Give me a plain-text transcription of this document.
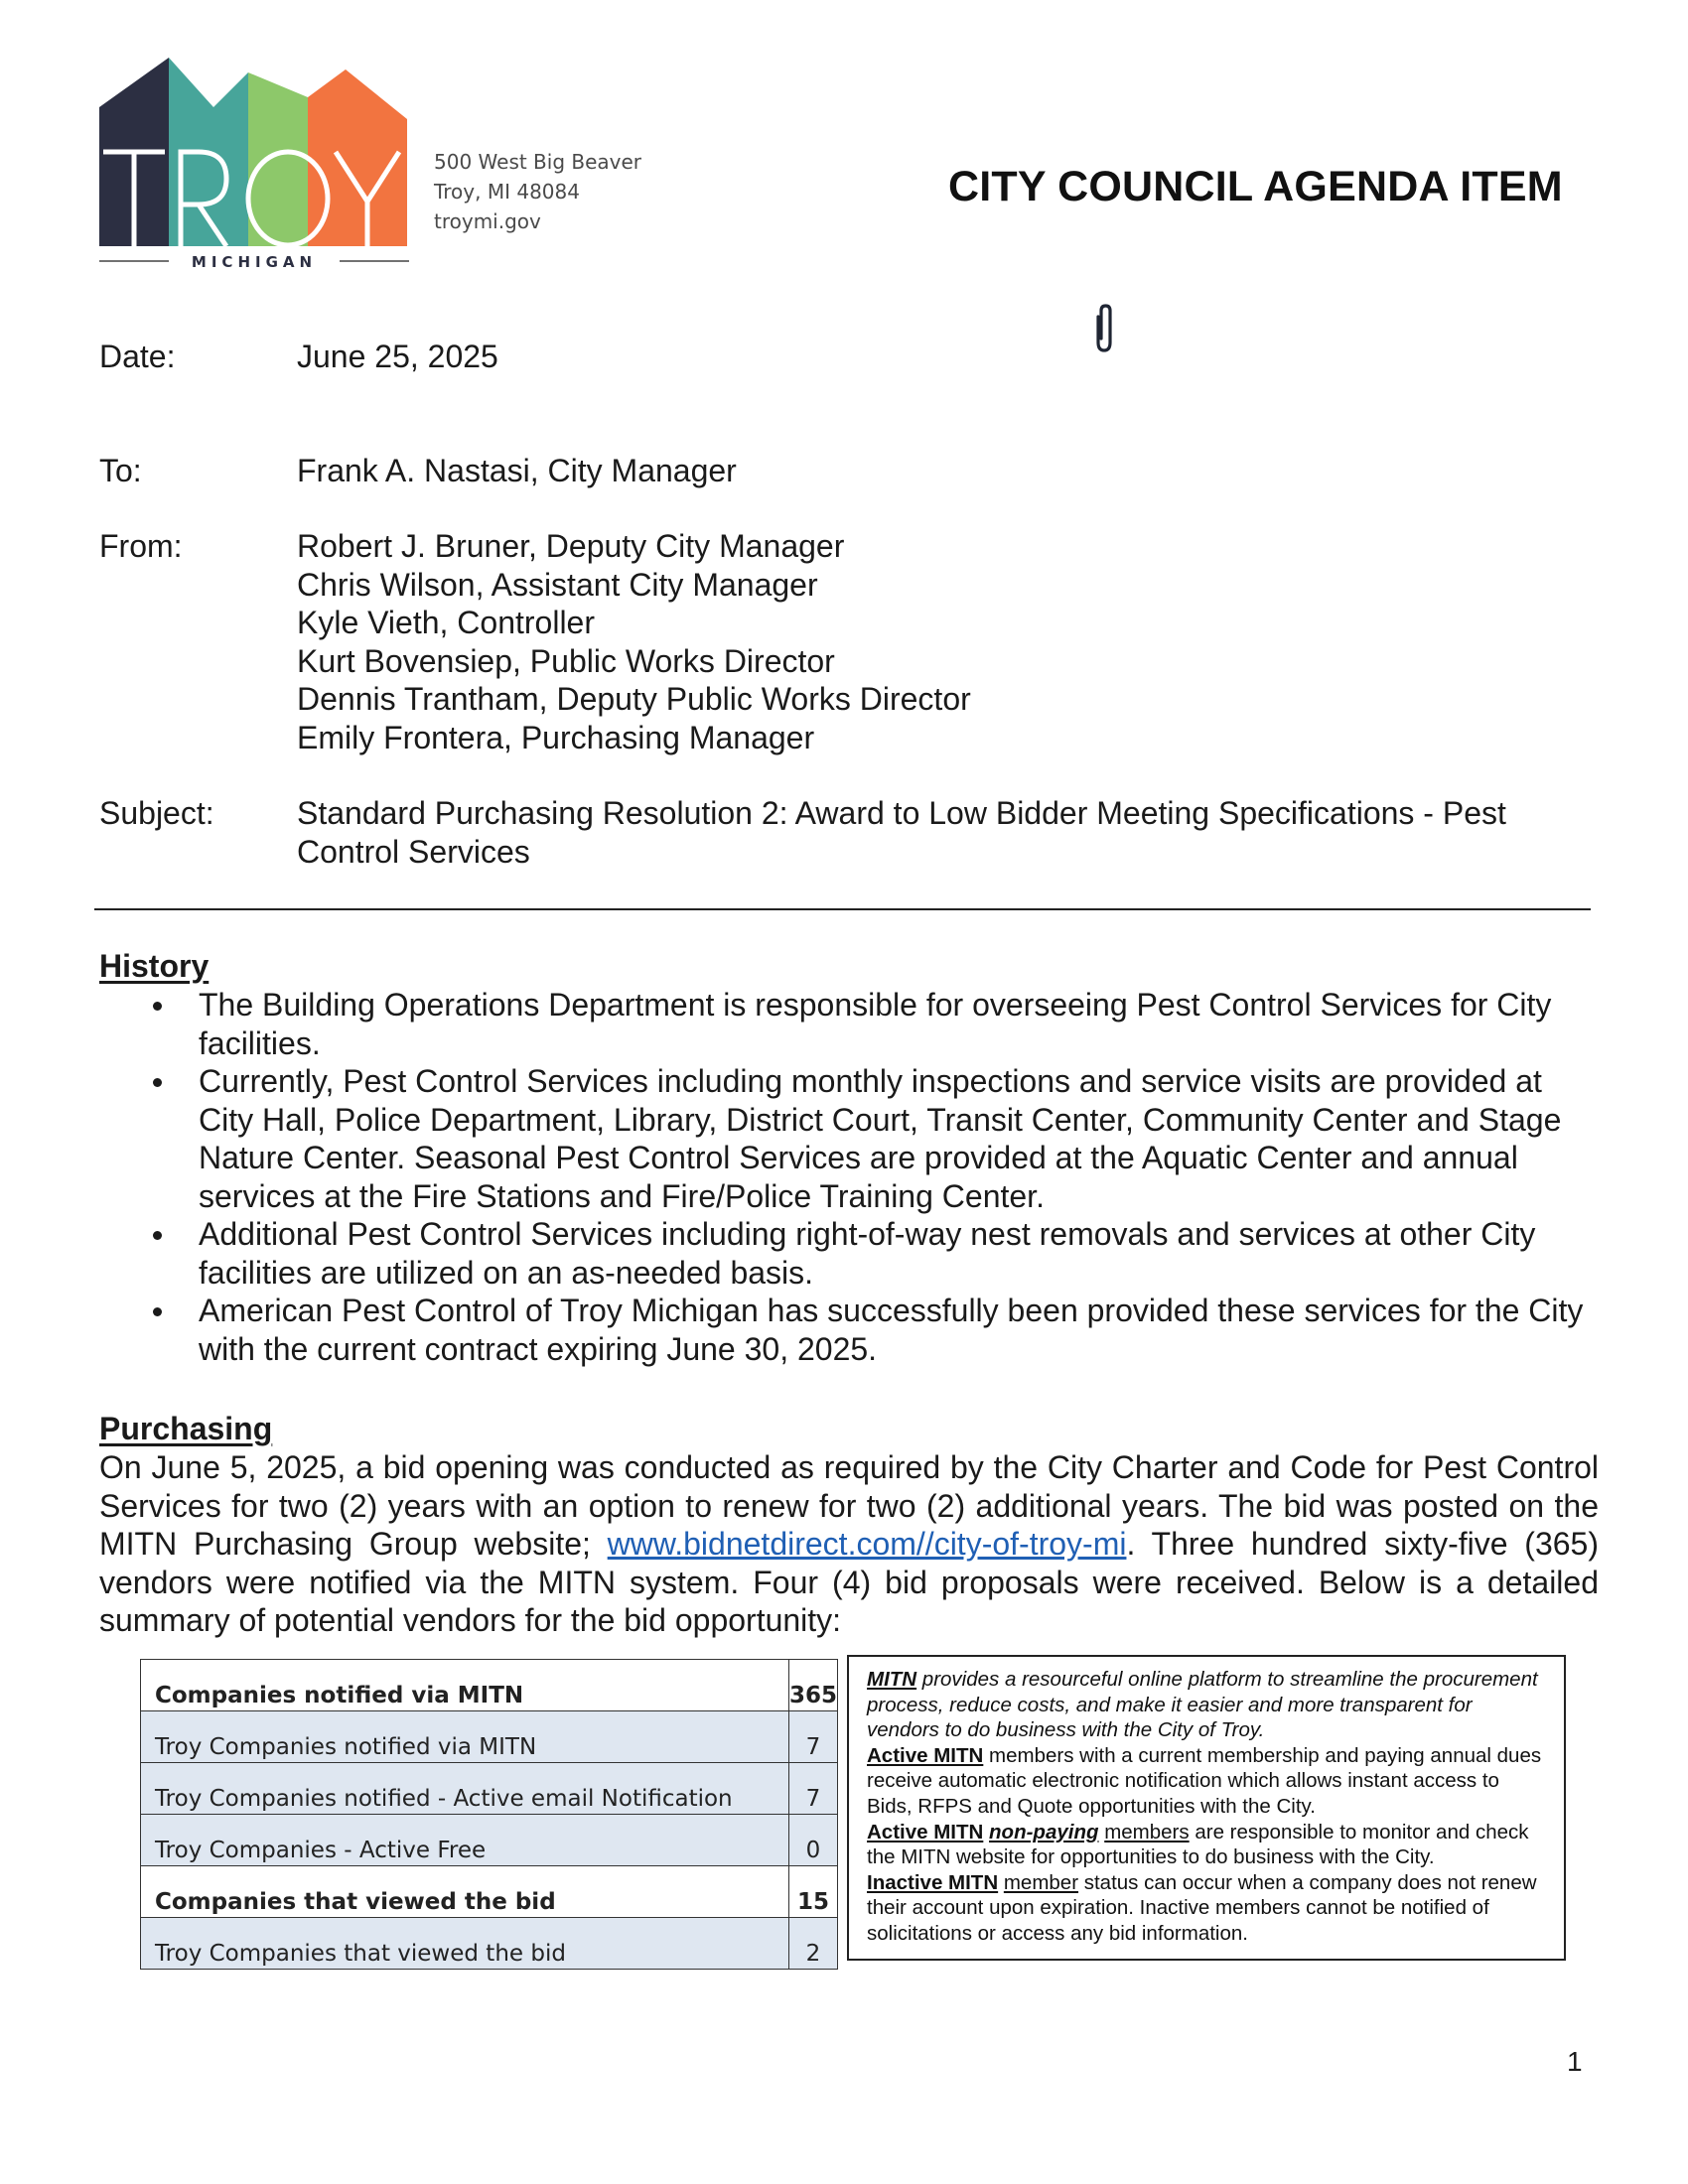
MICHIGAN
500 West Big Beaver
Troy, MI 48084
troymi.gov
CITY COUNCIL AGENDA ITEM
Date:	June 25, 2025
To:	Frank A. Nastasi, City Manager
From:	Robert J. Bruner, Deputy City Manager
Chris Wilson, Assistant City Manager
Kyle Vieth, Controller
Kurt Bovensiep, Public Works Director
Dennis Trantham, Deputy Public Works Director
Emily Frontera, Purchasing Manager
Subject:	Standard Purchasing Resolution 2: Award to Low Bidder Meeting Specifications - Pest
Control Services
History
The Building Operations Department is responsible for overseeing Pest Control Services for City facilities.
Currently, Pest Control Services including monthly inspections and service visits are provided at City Hall, Police Department, Library, District Court, Transit Center, Community Center and Stage Nature Center. Seasonal Pest Control Services are provided at the Aquatic Center and annual services at the Fire Stations and Fire/Police Training Center.
Additional Pest Control Services including right-of-way nest removals and services at other City facilities are utilized on an as-needed basis.
American Pest Control of Troy Michigan has successfully been provided these services for the City with the current contract expiring June 30, 2025.
Purchasing

On June 5, 2025, a bid opening was conducted as required by the City Charter and Code for Pest Control Services for two (2) years with an option to renew for two (2) additional years. The bid was posted on the MITN Purchasing Group website; www.bidnetdirect.com//city-of-troy-mi. Three hundred sixty-five (365) vendors were notified via the MITN system. Four (4) bid proposals were received. Below is a detailed summary of potential vendors for the bid opportunity:

Companies notified via MITN	365
Troy Companies notified via MITN	7
Troy Companies notified - Active email Notification	7
Troy Companies - Active Free	0
Companies that viewed the bid	15
Troy Companies that viewed the bid	2

MITN provides a resourceful online platform to streamline the procurement process, reduce costs, and make it easier and more transparent for vendors to do business with the City of Troy.

Active MITN members with a current membership and paying annual dues receive automatic electronic notification which allows instant access to Bids, RFPS and Quote opportunities with the City.

Active MITN non-paying members are responsible to monitor and check the MITN website for opportunities to do business with the City.

Inactive MITN member status can occur when a company does not renew their account upon expiration. Inactive members cannot be notified of solicitations or access any bid information.

1
